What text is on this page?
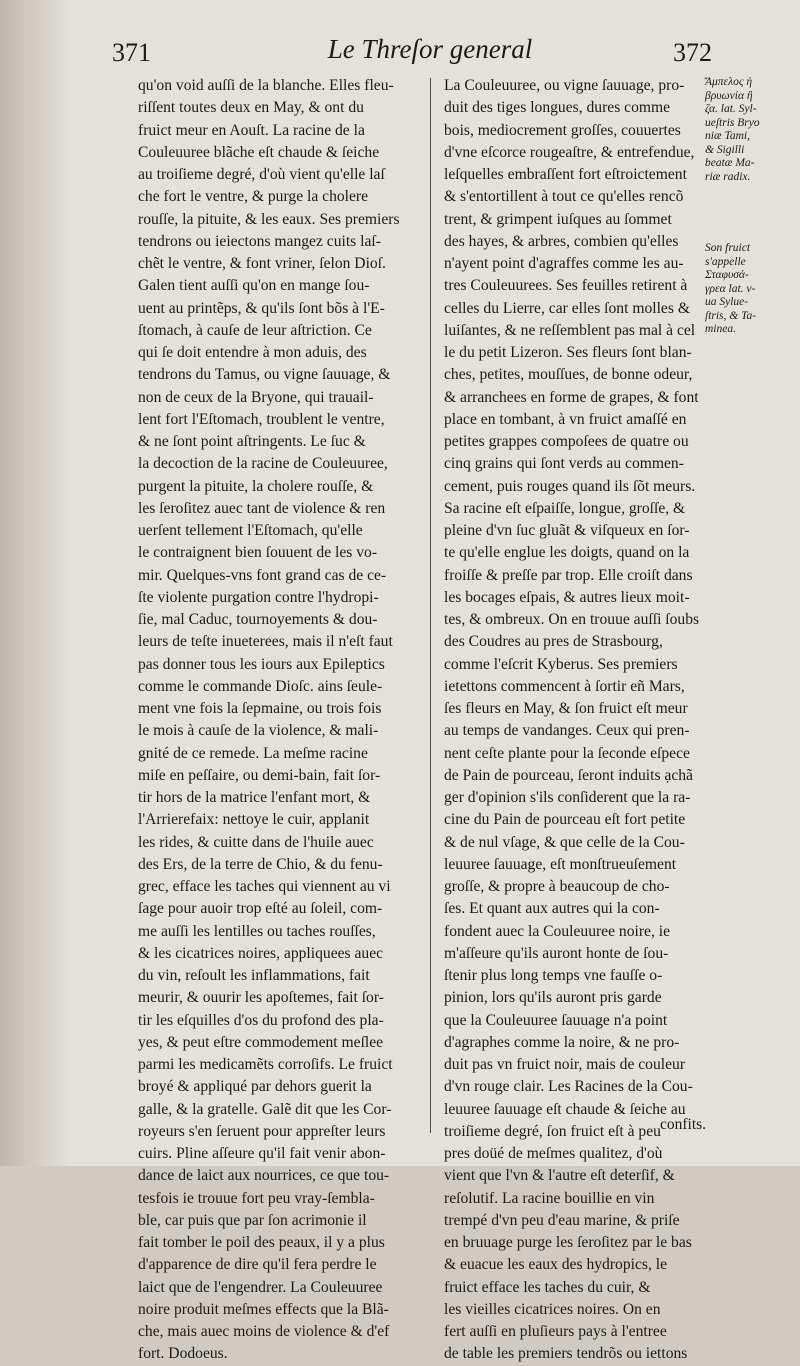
371	Le Threſor general	372
qu'on void auſſi de la blanche. Elles fleu-
riſſent toutes deux en May, & ont du
fruict meur en Aouſt. La racine de la
Couleuuree blãche eſt chaude & ſeiche
au troiſieme degré, d'où vient qu'elle laſ
che fort le ventre, & purge la cholere
rouſſe, la pituite, & les eaux. Ses premiers
tendrons ou ieiectons mangez cuits laſ-
chẽt le ventre, & font vriner, ſelon Dioſ.
Galen tient auſſi qu'on en mange ſou-
uent au printẽps, & qu'ils ſont bõs à l'E-
ſtomach, à cauſe de leur aſtriction. Ce
qui ſe doit entendre à mon aduis, des
tendrons du Tamus, ou vigne ſauuage, &
non de ceux de la Bryone, qui trauail-
lent fort l'Eſtomach, troublent le ventre,
& ne ſont point aſtringents. Le ſuc &
la decoction de la racine de Couleuuree,
purgent la pituite, la cholere rouſſe, &
les ſeroſitez auec tant de violence & ren
uerſent tellement l'Eſtomach, qu'elle
le contraignent bien ſouuent de les vo-
mir. Quelques-vns font grand cas de ce-
ſte violente purgation contre l'hydropi-
ſie, mal Caduc, tournoyements & dou-
leurs de teſte inueterees, mais il n'eſt faut
pas donner tous les iours aux Epileptics
comme le commande Dioſc. ains ſeule-
ment vne fois la ſepmaine, ou trois fois
le mois à cauſe de la violence, & mali-
gnité de ce remede. La meſme racine
miſe en peſſaire, ou demi-bain, fait ſor-
tir hors de la matrice l'enfant mort, &
l'Arrierefaix: nettoye le cuir, applanit
les rides, & cuitte dans de l'huile auec
des Ers, de la terre de Chio, & du fenu-
grec, efface les taches qui viennent au vi
ſage pour auoir trop eſté au ſoleil, com-
me auſſi les lentilles ou taches rouſſes,
& les cicatrices noires, appliquees auec
du vin, reſoult les inflammations, fait
meurir, & ouurir les apoſtemes, fait ſor-
tir les eſquilles d'os du profond des pla-
yes, & peut eſtre commodement meſlee
parmi les medicamẽts corroſifs. Le fruict
broyé & appliqué par dehors guerit la
galle, & la gratelle. Galẽ dit que les Cor-
royeurs s'en ſeruent pour appreſter leurs
cuirs. Pline aſſeure qu'il fait venir abon-
dance de laict aux nourrices, ce que tou-
tesfois ie trouue fort peu vray-ſembla-
ble, car puis que par ſon acrimonie il
fait tomber le poil des peaux, il y a plus
d'apparence de dire qu'il fera perdre le
laict que de l'engendrer. La Couleuuree
noire produit meſmes effects que la Blã-
che, mais auec moins de violence & d'ef
fort. Dodoeus.
La Couleuuree, ou vigne ſauuage, pro-
duit des tiges longues, dures comme
bois, mediocrement groſſes, couuertes
d'vne eſcorce rougeaſtre, & entrefendue,
leſquelles embraſſent fort eſtroictement
& s'entortillent à tout ce qu'elles rencõ
trent, & grimpent iuſques au ſommet
des hayes, & arbres, combien qu'elles
n'ayent point d'agraffes comme les au-
tres Couleuurees. Ses feuilles retirent à
celles du Lierre, car elles ſont molles &
luiſantes, & ne reſſemblent pas mal à cel
le du petit Lizeron. Ses fleurs ſont blan-
ches, petites, mouſſues, de bonne odeur,
& arranchees en forme de grapes, & font
place en tombant, à vn fruict amaſſé en
petites grappes compoſees de quatre ou
cinq grains qui ſont verds au commen-
cement, puis rouges quand ils ſõt meurs.
Sa racine eſt eſpaiſſe, longue, groſſe, &
pleine d'vn ſuc gluãt & viſqueux en ſor-
te qu'elle englue les doigts, quand on la
froiſſe & preſſe par trop. Elle croiſt dans
les bocages eſpais, & autres lieux moit-
tes, & ombreux. On en trouue auſſi ſoubs
des Coudres au pres de Strasbourg,
comme l'eſcrit Kyberus. Ses premiers
ietettons commencent à ſortir eñ Mars,
ſes fleurs en May, & ſon fruict eſt meur
au temps de vandanges. Ceux qui pren-
nent ceſte plante pour la ſeconde eſpece
de Pain de pourceau, ſeront induits ạchã
ger d'opinion s'ils conſiderent que la ra-
cine du Pain de pourceau eſt fort petite
& de nul vſage, & que celle de la Cou-
leuuree ſauuage, eſt monſtrueuſement
groſſe, & propre à beaucoup de cho-
ſes. Et quant aux autres qui la con-
fondent auec la Couleuuree noire, ie
m'aſſeure qu'ils auront honte de ſou-
ſtenir plus long temps vne fauſſe o-
pinion, lors qu'ils auront pris garde
que la Couleuuree ſauuage n'a point
d'agraphes comme la noire, & ne pro-
duit pas vn fruict noir, mais de couleur
d'vn rouge clair. Les Racines de la Cou-
leuuree ſauuage eſt chaude & ſeiche au
troiſieme degré, ſon fruict eſt à peu
pres doüé de meſmes qualitez, d'où
vient que l'vn & l'autre eſt deterſif, &
reſolutif. La racine bouillie en vin
trempé d'vn peu d'eau marine, & priſe
en bruuage purge les ſeroſitez par le bas
& euacue les eaux des hydropics, le
fruict efface les taches du cuir, &
les vieilles cicatrices noires. On en
fert auſſi en pluſieurs pays à l'entree
de table les premiers tendrõs ou iettons
Ἄμπελος ἡ
βρυωνία ἢ
ζα. lat. Syl-
ueſtris Bryo
niæ Tami,
& Sigilli
beatæ Ma-
riæ radix.
Son fruict
s'appelle
Σταφυσά-
γρεα lat. v-
ua Sylue-
ſtris, & Ta-
minea.
confits.
